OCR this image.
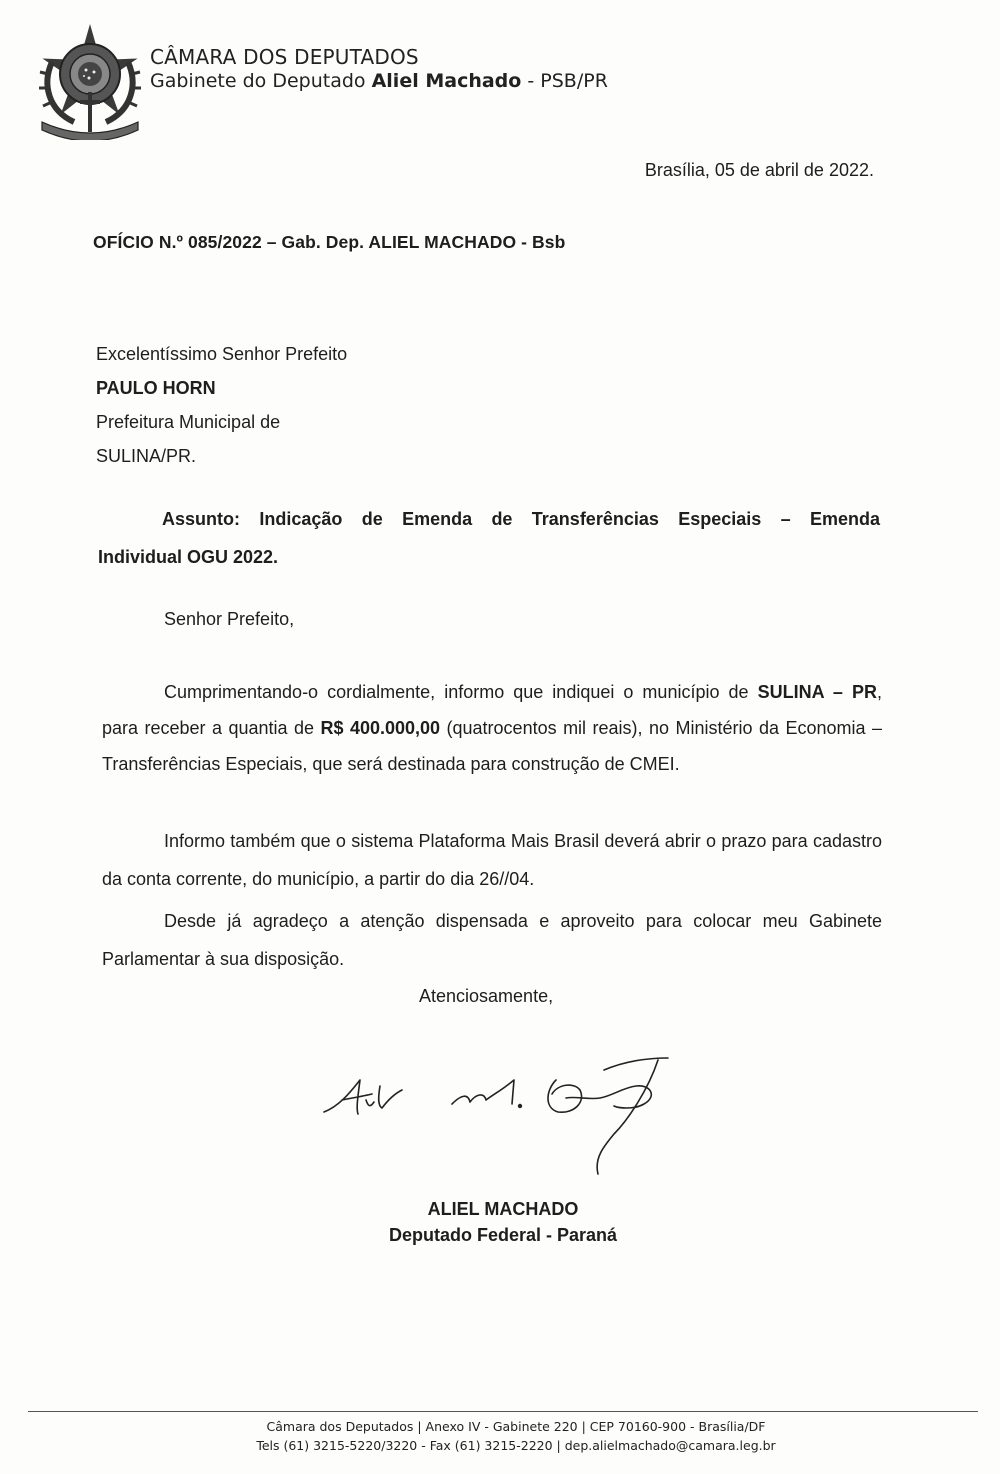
CÂMARA DOS DEPUTADOS
Gabinete do Deputado Aliel Machado - PSB/PR
Brasília, 05 de abril de 2022.
OFÍCIO N.º 085/2022 – Gab. Dep. ALIEL MACHADO - Bsb
Excelentíssimo Senhor Prefeito
PAULO HORN
Prefeitura Municipal de
SULINA/PR.
Assunto: Indicação de Emenda de Transferências Especiais – Emenda
Individual OGU 2022.
Senhor Prefeito,
Cumprimentando-o cordialmente, informo que indiquei o município de SULINA – PR, para receber a quantia de R$ 400.000,00 (quatrocentos mil reais), no Ministério da Economia – Transferências Especiais, que será destinada para construção de CMEI.
Informo também que o sistema Plataforma Mais Brasil deverá abrir o prazo para cadastro da conta corrente, do município, a partir do dia 26//04.
Desde já agradeço a atenção dispensada e aproveito para colocar meu Gabinete Parlamentar à sua disposição.
Atenciosamente,
ALIEL MACHADO
Deputado Federal - Paraná
Câmara dos Deputados | Anexo IV - Gabinete 220 | CEP 70160-900 - Brasília/DF
Tels (61) 3215-5220/3220 - Fax (61) 3215-2220 | dep.alielmachado@camara.leg.br
